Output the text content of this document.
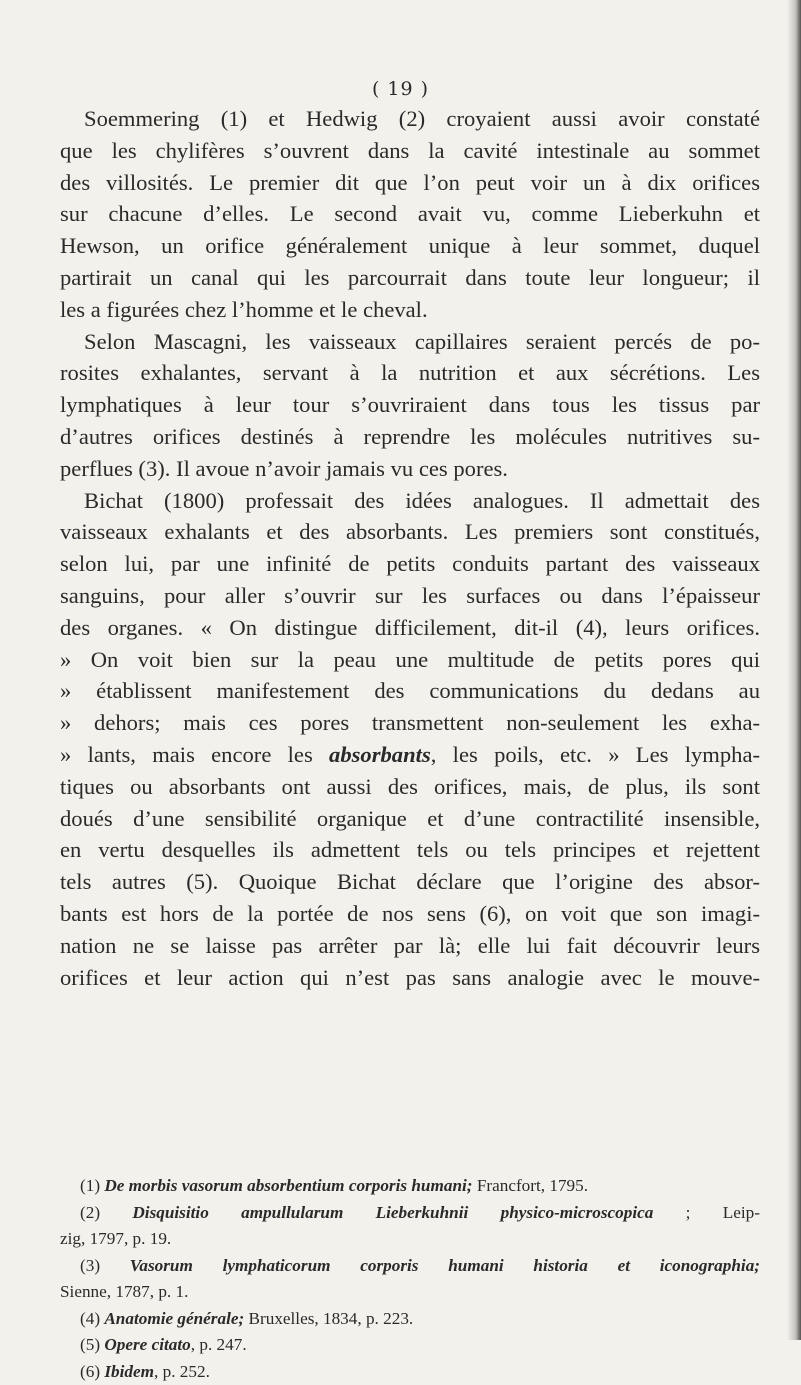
( 19 )
Soemmering (1) et Hedwig (2) croyaient aussi avoir constaté
que les chylifères s’ouvrent dans la cavité intestinale au sommet
des villosités. Le premier dit que l’on peut voir un à dix orifices
sur chacune d’elles. Le second avait vu, comme Lieberkuhn et
Hewson, un orifice généralement unique à leur sommet, duquel
partirait un canal qui les parcourrait dans toute leur longueur; il
les a figurées chez l’homme et le cheval.
Selon Mascagni, les vaisseaux capillaires seraient percés de po-
rosites exhalantes, servant à la nutrition et aux sécrétions. Les
lymphatiques à leur tour s’ouvriraient dans tous les tissus par
d’autres orifices destinés à reprendre les molécules nutritives su-
perflues (3). Il avoue n’avoir jamais vu ces pores.
Bichat (1800) professait des idées analogues. Il admettait des
vaisseaux exhalants et des absorbants. Les premiers sont constitués,
selon lui, par une infinité de petits conduits partant des vaisseaux
sanguins, pour aller s’ouvrir sur les surfaces ou dans l’épaisseur
des organes. « On distingue difficilement, dit-il (4), leurs orifices.
» On voit bien sur la peau une multitude de petits pores qui
» établissent manifestement des communications du dedans au
» dehors; mais ces pores transmettent non-seulement les exha-
» lants, mais encore les absorbants, les poils, etc. » Les lympha-
tiques ou absorbants ont aussi des orifices, mais, de plus, ils sont
doués d’une sensibilité organique et d’une contractilité insensible,
en vertu desquelles ils admettent tels ou tels principes et rejettent
tels autres (5). Quoique Bichat déclare que l’origine des absor-
bants est hors de la portée de nos sens (6), on voit que son imagi-
nation ne se laisse pas arrêter par là; elle lui fait découvrir leurs
orifices et leur action qui n’est pas sans analogie avec le mouve-
(1) De morbis vasorum absorbentium corporis humani; Francfort, 1795.
(2) Disquisitio ampullularum Lieberkuhnii physico-microscopica ; Leip-
zig, 1797, p. 19.
(3) Vasorum lymphaticorum corporis humani historia et iconographia;
Sienne, 1787, p. 1.
(4) Anatomie générale; Bruxelles, 1834, p. 223.
(5) Opere citato, p. 247.
(6) Ibidem, p. 252.
